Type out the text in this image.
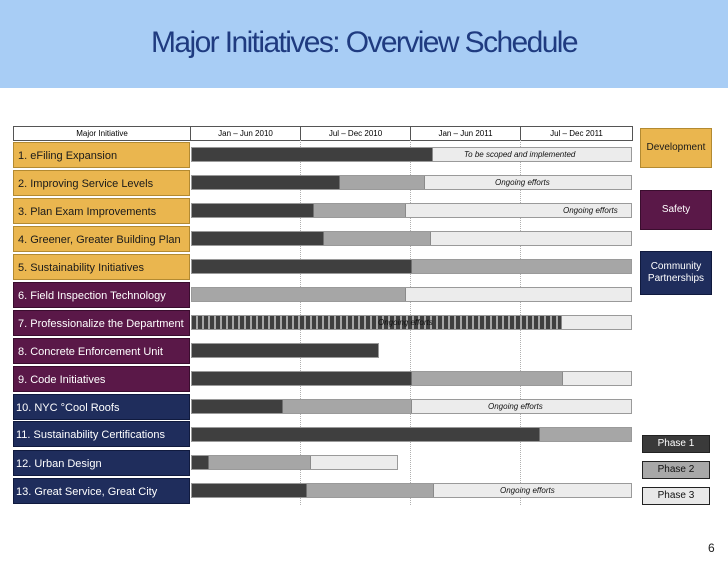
Major Initiatives: Overview Schedule
Major Initiative	Jan – Jun 2010	Jul – Dec 2010	Jan – Jun 2011	Jul – Dec 2011
1. eFiling Expansion	To be scoped and implemented
2. Improving Service Levels	Ongoing efforts
3. Plan Exam Improvements	Ongoing efforts
4. Greener, Greater Building Plan
5. Sustainability Initiatives
6. Field Inspection Technology
7. Professionalize the Department	Ongoing efforts
8. Concrete Enforcement Unit
9. Code Initiatives
10. NYC °Cool Roofs	Ongoing efforts
11. Sustainability Certifications
12. Urban Design
13. Great Service, Great City	Ongoing efforts
Development
Safety
Community Partnerships
Phase 1
Phase 2
Phase 3
6
